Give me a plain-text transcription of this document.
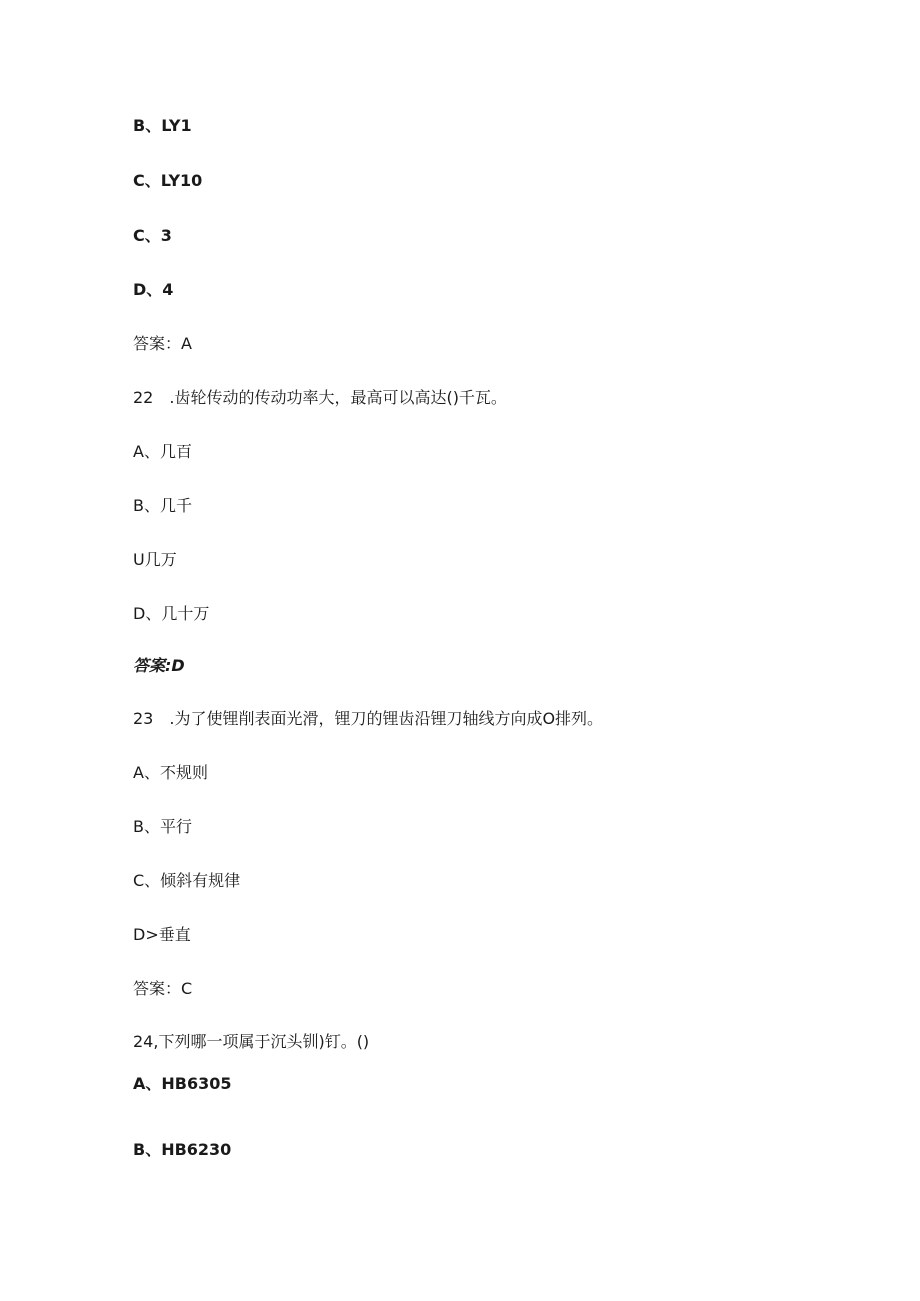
B、LY1
C、LY10
C、3
D、4
答案：A
22　.齿轮传动的传动功率大，最高可以高达()千瓦。
A、几百
B、几千
U几万
D、几十万
答案:D
23　.为了使锂削表面光滑，锂刀的锂齿沿锂刀轴线方向成O排列。
A、不规则
B、平行
C、倾斜有规律
D>垂直
答案：C
24,下列哪一项属于沉头钏)钉。()
A、HB6305
B、HB6230
